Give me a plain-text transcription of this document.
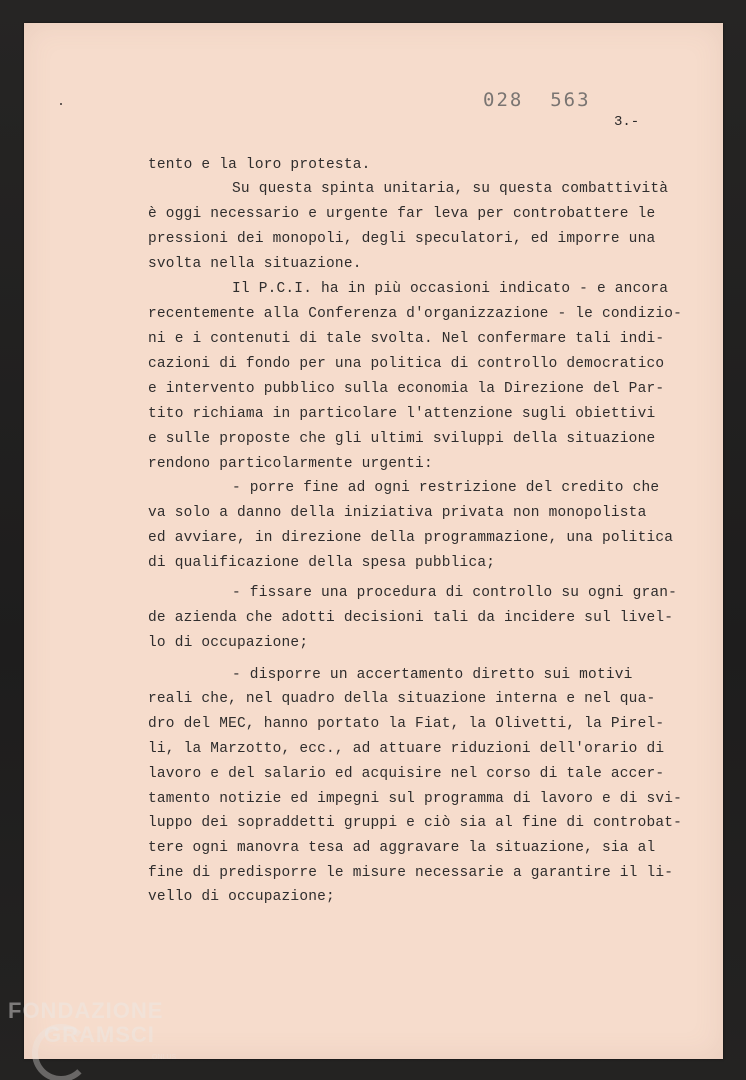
028  563
3.-
tento e la loro protesta.
Su questa spinta unitaria, su questa combattività
è oggi necessario e urgente far leva per controbattere le
pressioni dei monopoli, degli speculatori, ed imporre una
svolta nella situazione.
Il P.C.I. ha in più occasioni indicato - e ancora
recentemente alla Conferenza d'organizzazione - le condizio-
ni e i contenuti di tale svolta. Nel confermare tali indi-
cazioni di fondo per una politica di controllo democratico
e intervento pubblico sulla economia la Direzione del Par-
tito richiama in particolare l'attenzione sugli obiettivi
e sulle proposte che gli ultimi sviluppi della situazione
rendono particolarmente urgenti:
- porre fine ad ogni restrizione del credito che
va solo a danno della iniziativa privata non monopolista
ed avviare, in direzione della programmazione, una politica
di qualificazione della spesa pubblica;
- fissare una procedura di controllo su ogni gran-
de azienda che adotti decisioni tali da incidere sul livel-
lo di occupazione;
- disporre un accertamento diretto sui motivi
reali che, nel quadro della situazione interna e nel qua-
dro del MEC, hanno portato la Fiat, la Olivetti, la Pirel-
li, la Marzotto, ecc., ad attuare riduzioni dell'orario di
lavoro e del salario ed acquisire nel corso di tale accer-
tamento notizie ed impegni sul programma di lavoro e di svi-
luppo dei sopraddetti gruppi e ciò sia al fine di controbat-
tere ogni manovra tesa ad aggravare la situazione, sia al
fine di predisporre le misure necessarie a garantire il li-
vello di occupazione;
FONDAZIONE
GRAMSCI
ONLUS
